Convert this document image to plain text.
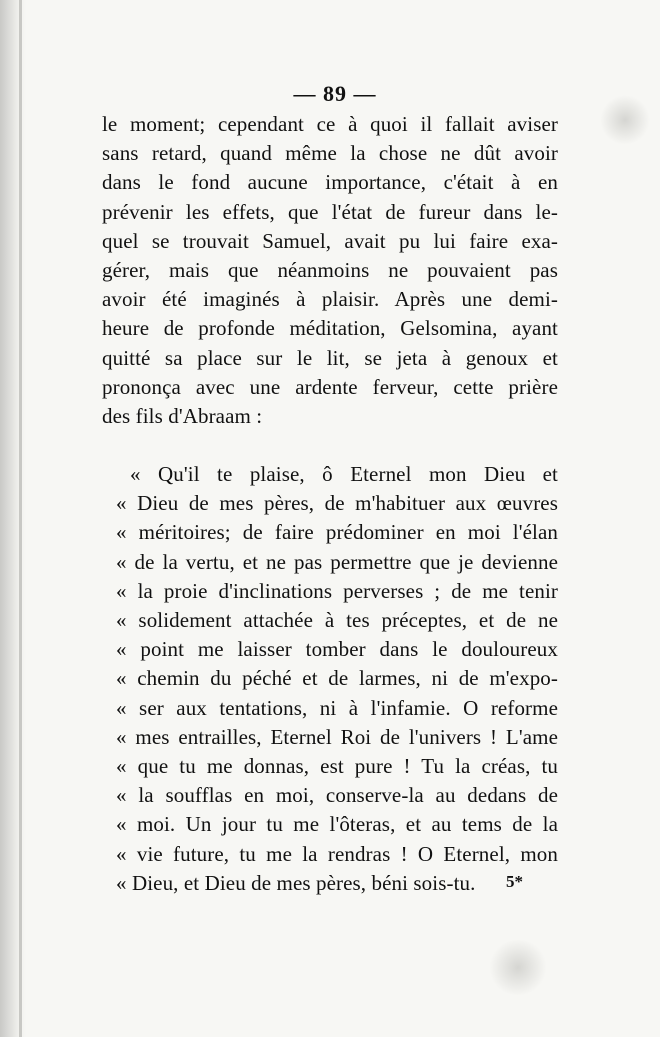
— 89 —
le moment; cependant ce à quoi il fallait aviser
sans retard, quand même la chose ne dût avoir
dans le fond aucune importance, c'était à en
prévenir les effets, que l'état de fureur dans le-
quel se trouvait Samuel, avait pu lui faire exa-
gérer, mais que néanmoins ne pouvaient pas
avoir été imaginés à plaisir. Après une demi-
heure de profonde méditation, Gelsomina, ayant
quitté sa place sur le lit, se jeta à genoux et
prononça avec une ardente ferveur, cette prière
des fils d'Abraam :
« Qu'il te plaise, ô Eternel mon Dieu et
« Dieu de mes pères, de m'habituer aux œuvres
« méritoires; de faire prédominer en moi l'élan
« de la vertu, et ne pas permettre que je devienne
« la proie d'inclinations perverses ; de me tenir
« solidement attachée à tes préceptes, et de ne
« point me laisser tomber dans le douloureux
« chemin du péché et de larmes, ni de m'expo-
« ser aux tentations, ni à l'infamie. O reforme
« mes entrailles, Eternel Roi de l'univers ! L'ame
« que tu me donnas, est pure ! Tu la créas, tu
« la soufflas en moi, conserve-la au dedans de
« moi. Un jour tu me l'ôteras, et au tems de la
« vie future, tu me la rendras ! O Eternel, mon
« Dieu, et Dieu de mes pères, béni sois-tu.	5*
